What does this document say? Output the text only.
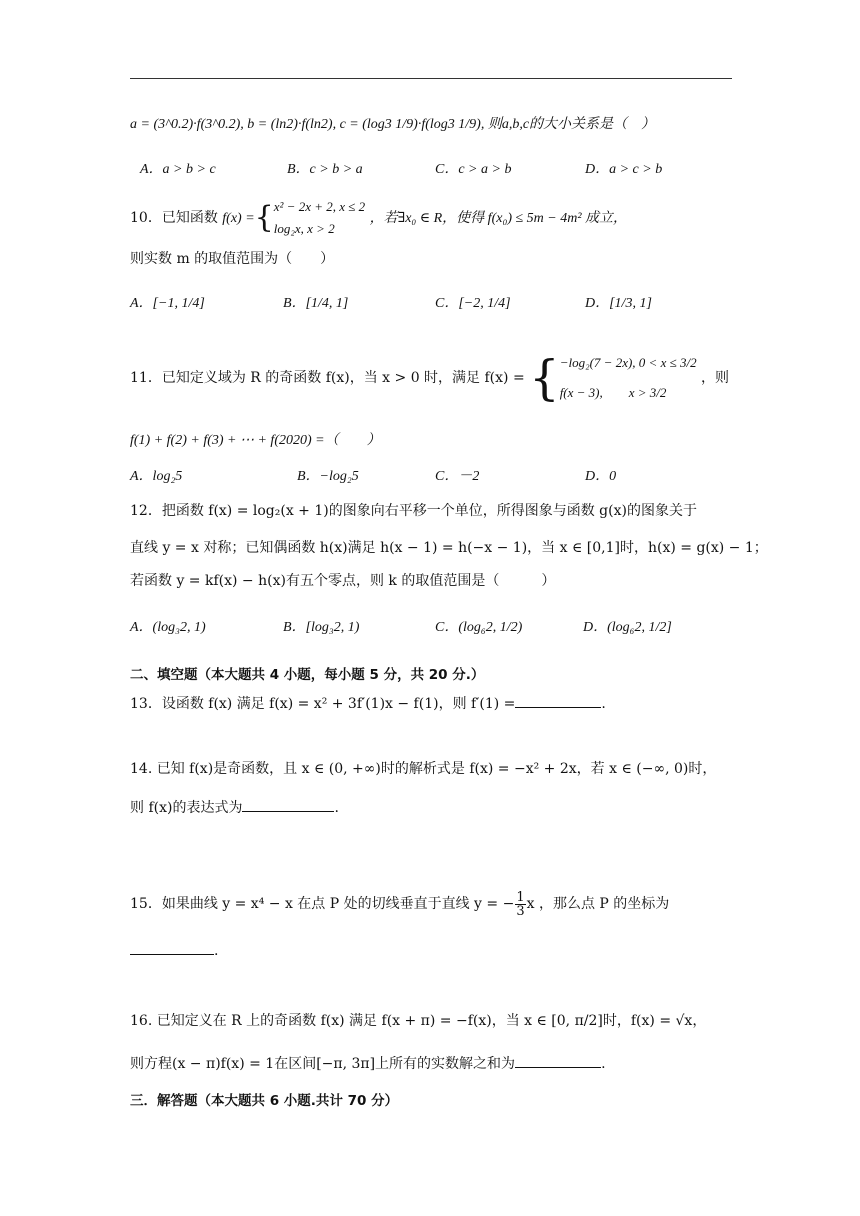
a = (3^0.2)·f(3^0.2), b = (ln2)·f(ln2), c = (log3 1/9)·f(log3 1/9), 则a,b,c的大小关系是（　）
A．a > b > c	B．c > b > a	C．c > a > b	D．a > c > b
10．已知函数 f(x) ={ x² − 2x + 2, x ≤ 2
log₂x, x > 2
，若∃x₀ ∈ R，使得 f(x₀) ≤ 5m − 4m² 成立，
则实数 m 的取值范围为（　　）
A．[−1, 1/4]	B．[1/4, 1]	C．[−2, 1/4]	D．[1/3, 1]
11．已知定义域为 R 的奇函数 f(x)，当 x > 0 时，满足 f(x) = { −log₂(7 − 2x), 0 < x ≤ 3/2
f(x − 3),　　x > 3/2
，则
f(1) + f(2) + f(3) + ⋯ + f(2020) =（　　）
A．log₂5	B．−log₂5	C．－2	D．0
12．把函数 f(x) = log₂(x + 1)的图象向右平移一个单位，所得图象与函数 g(x)的图象关于
直线 y = x 对称；已知偶函数 h(x)满足 h(x − 1) = h(−x − 1)，当 x ∈ [0,1]时，h(x) = g(x) − 1；
若函数 y = kf(x) − h(x)有五个零点，则 k 的取值范围是（　　　）
A．(log₃2, 1)	B．[log₃2, 1)	C．(log₆2, 1/2)	D．(log₆2, 1/2]
二、填空题（本大题共 4 小题，每小题 5 分，共 20 分.）
13．设函数 f(x) 满足 f(x) = x² + 3f′(1)x − f(1)，则 f′(1) =	.
14. 已知 f(x)是奇函数，且 x ∈ (0, +∞)时的解析式是 f(x) = −x² + 2x，若 x ∈ (−∞, 0)时，
则 f(x)的表达式为	.
15．如果曲线 y = x⁴ − x 在点 P 处的切线垂直于直线 y = − $\frac{1}{3}$ x ，那么点 P 的坐标为
.
16. 已知定义在 R 上的奇函数 f(x) 满足 f(x + π) = −f(x)，当 x ∈ [0, π/2]时，f(x) = √x，
则方程(x − π)f(x) = 1在区间[−π, 3π]上所有的实数解之和为	.
三．解答题（本大题共 6 小题.共计 70 分）
